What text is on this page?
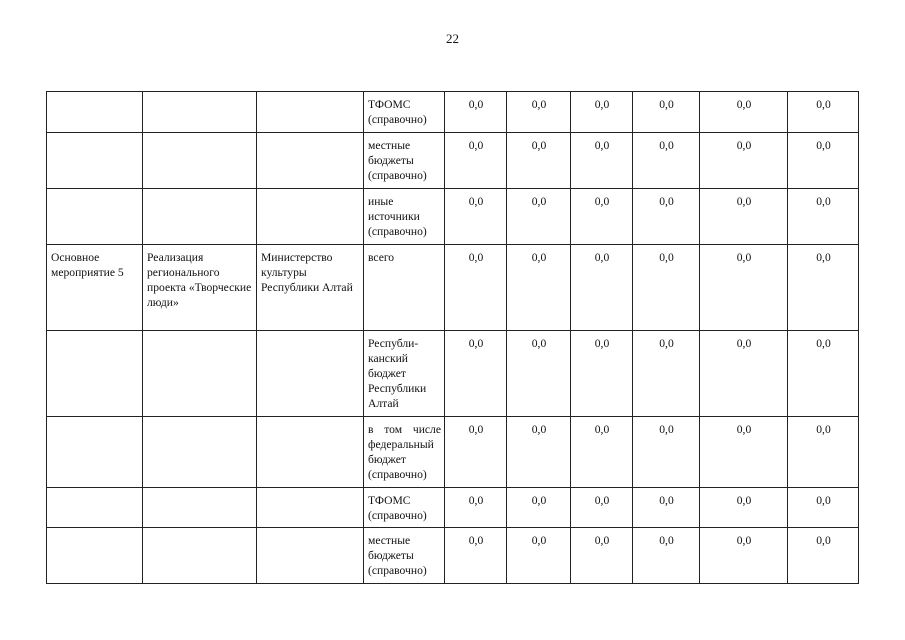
22
			ТФОМС (справочно)	0,0	0,0	0,0	0,0	0,0	0,0
			местные бюджеты (справочно)	0,0	0,0	0,0	0,0	0,0	0,0
			иные источники (справочно)	0,0	0,0	0,0	0,0	0,0	0,0
Основное мероприятие 5	Реализация регионального проекта «Творческие люди»	Министерство культуры Республики Алтай	всего	0,0	0,0	0,0	0,0	0,0	0,0
			Республи-канский бюджет Республики Алтай	0,0	0,0	0,0	0,0	0,0	0,0
			в том числе федеральный бюджет (справочно)	0,0	0,0	0,0	0,0	0,0	0,0
			ТФОМС (справочно)	0,0	0,0	0,0	0,0	0,0	0,0
			местные бюджеты (справочно)	0,0	0,0	0,0	0,0	0,0	0,0
